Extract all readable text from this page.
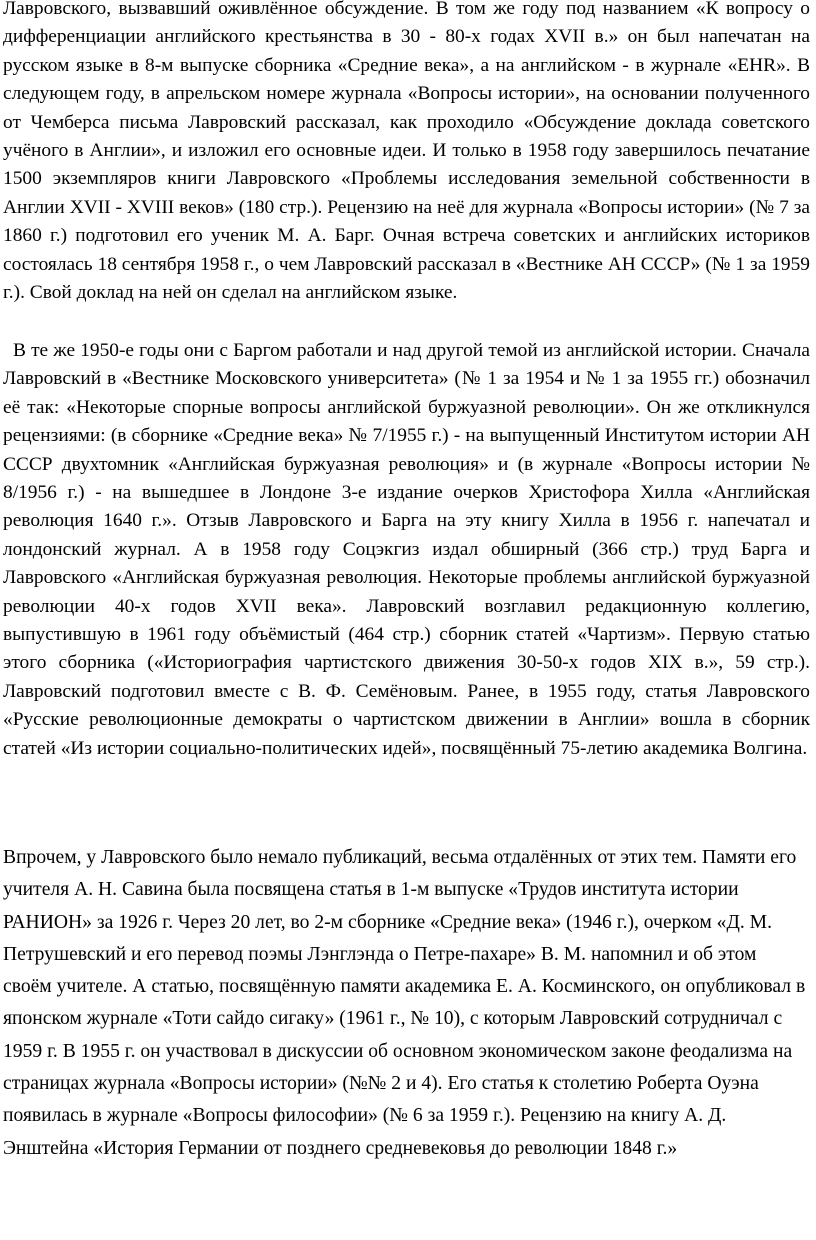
Лавровского, вызвавший оживлённое обсуждение. В том же году под названием «К вопросу о дифференциации английского крестьянства в 30 - 80-х годах XVII в.» он был напечатан на русском языке в 8-м выпуске сборника «Средние века», а на английском - в журнале «EHR». В следующем году, в апрельском номере журнала «Вопросы истории», на основании полученного от Чемберса письма Лавровский рассказал, как проходило «Обсуждение доклада советского учёного в Англии», и изложил его основные идеи. И только в 1958 году завершилось печатание 1500 экземпляров книги Лавровского «Проблемы исследования земельной собственности в Англии XVII - XVIII веков» (180 стр.). Рецензию на неё для журнала «Вопросы истории» (№ 7 за 1860 г.) подготовил его ученик М. А. Барг. Очная встреча советских и английских историков состоялась 18 сентября 1958 г., о чем Лавровский рассказал в «Вестнике АН СССР» (№ 1 за 1959 г.). Свой доклад на ней он сделал на английском языке.

В те же 1950-е годы они с Баргом работали и над другой темой из английской истории. Сначала Лавровский в «Вестнике Московского университета» (№ 1 за 1954 и № 1 за 1955 гг.) обозначил её так: «Некоторые спорные вопросы английской буржуазной революции». Он же откликнулся рецензиями: (в сборнике «Средние века» № 7/1955 г.) - на выпущенный Институтом истории АН СССР двухтомник «Английская буржуазная революция» и (в журнале «Вопросы истории № 8/1956 г.) - на вышедшее в Лондоне 3-е издание очерков Христофора Хилла «Английская революция 1640 г.». Отзыв Лавровского и Барга на эту книгу Хилла в 1956 г. напечатал и лондонский журнал. А в 1958 году Соцэкгиз издал обширный (366 стр.) труд Барга и Лавровского «Английская буржуазная революция. Некоторые проблемы английской буржуазной революции 40-х годов XVII века». Лавровский возглавил редакционную коллегию, выпустившую в 1961 году объёмистый (464 стр.) сборник статей «Чартизм». Первую статью этого сборника («Историография чартистского движения 30-50-х годов XIX в.», 59 стр.). Лавровский подготовил вместе с В. Ф. Семёновым. Ранее, в 1955 году, статья Лавровского «Русские революционные демократы о чартистском движении в Англии» вошла в сборник статей «Из истории социально-политических идей», посвящённый 75-летию академика Волгина.

Впрочем, у Лавровского было немало публикаций, весьма отдалённых от этих тем. Памяти его учителя А. Н. Савина была посвящена статья в 1-м выпуске «Трудов института истории РАНИОН» за 1926 г. Через 20 лет, во 2-м сборнике «Средние века» (1946 г.), очерком «Д. М. Петрушевский и его перевод поэмы Лэнглэнда о Петре-пахаре» В. М. напомнил и об этом своём учителе. А статью, посвящённую памяти академика Е. А. Косминского, он опубликовал в японском журнале «Тоти сайдо сигаку» (1961 г., № 10), с которым Лавровский сотрудничал с 1959 г. В 1955 г. он участвовал в дискуссии об основном экономическом законе феодализма на страницах журнала «Вопросы истории» (№№ 2 и 4). Его статья к столетию Роберта Оуэна появилась в журнале «Вопросы философии» (№ 6 за 1959 г.). Рецензию на книгу А. Д. Энштейна «История Германии от позднего средневековья до революции 1848 г.»
